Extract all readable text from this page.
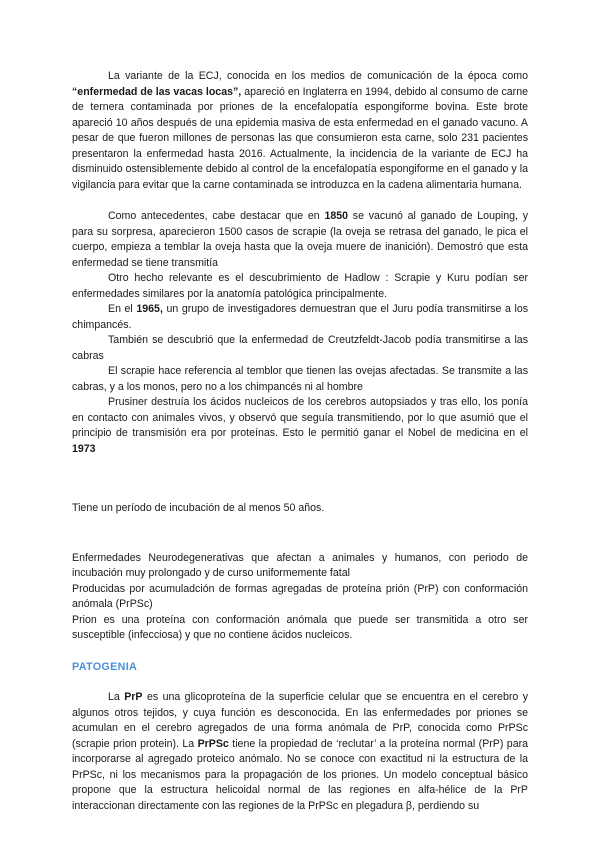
La variante de la ECJ, conocida en los medios de comunicación de la época como “enfermedad de las vacas locas”, apareció en Inglaterra en 1994, debido al consumo de carne de ternera contaminada por priones de la encefalopatía espongiforme bovina. Este brote apareció 10 años después de una epidemia masiva de esta enfermedad en el ganado vacuno. A pesar de que fueron millones de personas las que consumieron esta carne, solo 231 pacientes presentaron la enfermedad hasta 2016. Actualmente, la incidencia de la variante de ECJ ha disminuido ostensiblemente debido al control de la encefalopatía espongiforme en el ganado y la vigilancia para evitar que la carne contaminada se introduzca en la cadena alimentaria humana.

Como antecedentes, cabe destacar que en 1850 se vacunó al ganado de Louping, y para su sorpresa, aparecieron 1500 casos de scrapie (la oveja se retrasa del ganado, le pica el cuerpo, empieza a temblar la oveja hasta que la oveja muere de inanición). Demostró que esta enfermedad se tiene transmitía

Otro hecho relevante es el descubrimiento de Hadlow : Scrapie y Kuru podían ser enfermedades similares por la anatomía patológica principalmente.

En el 1965, un grupo de investigadores demuestran que el Juru podía transmitirse a los chimpancés.

También se descubrió que la enfermedad de Creutzfeldt-Jacob podía transmitirse a las cabras

El scrapie hace referencia al temblor que tienen las ovejas afectadas. Se transmite a las cabras, y a los monos, pero no a los chimpancés ni al hombre

Prusiner destruía los ácidos nucleicos de los cerebros autopsiados y tras ello, los ponía en contacto con animales vivos, y observó que seguía transmitiendo, por lo que asumió que el principio de transmisión era por proteínas. Esto le permitió ganar el Nobel de medicina en el 1973

Tiene un período de incubación de al menos 50 años.

Enfermedades Neurodegenerativas que afectan a animales y humanos, con periodo de incubación muy prolongado y de curso uniformemente fatal

Producidas por acumuladción de formas agregadas de proteína prión (PrP) con conformación anómala (PrPSc)

Prion es una proteína con conformación anómala que puede ser transmitida a otro ser susceptible (infecciosa) y que no contiene ácidos nucleicos.

PATOGENIA

La PrP es una glicoproteína de la superficie celular que se encuentra en el cerebro y algunos otros tejidos, y cuya función es desconocida. En las enfermedades por priones se acumulan en el cerebro agregados de una forma anómala de PrP, conocida como PrPSc (scrapie prion protein). La PrPSc tiene la propiedad de ‘reclutar’ a la proteína normal (PrP) para incorporarse al agregado proteico anómalo. No se conoce con exactitud ni la estructura de la PrPSc, ni los mecanismos para la propagación de los priones. Un modelo conceptual básico propone que la estructura helicoidal normal de las regiones en alfa-hélice de la PrP interaccionan directamente con las regiones de la PrPSc en plegadura β, perdiendo su
